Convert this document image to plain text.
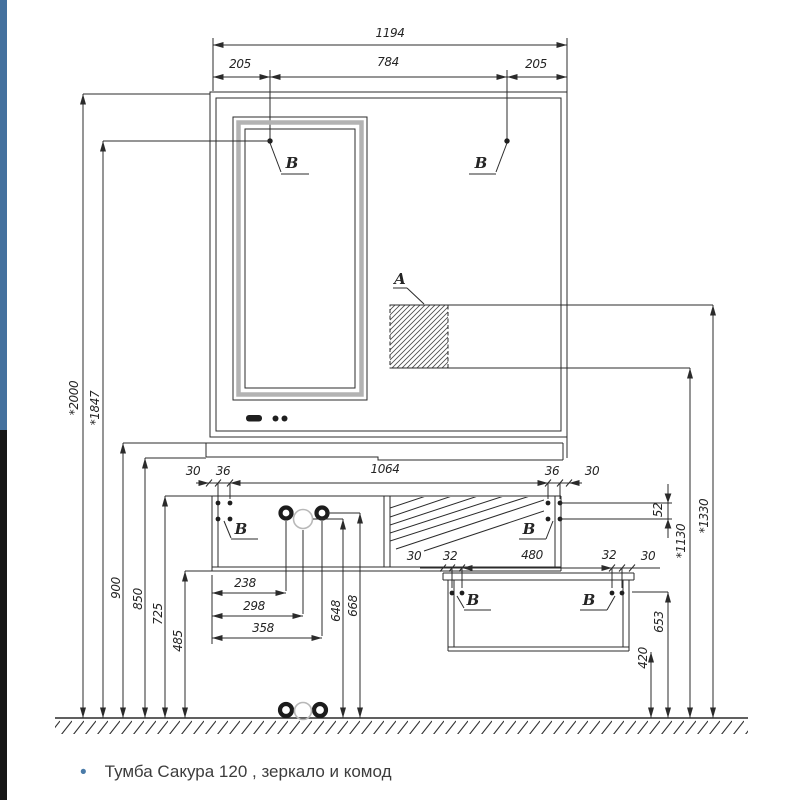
1194
205	784	205
*2000 *1847
900
850
725
485
30 36	1064	36 30
238
298
358
648 668
52
*1130
*1330
30 32	480	32 30
653
420
А
В	В
В	В
В	В
• Тумба Сакура 120 , зеркало и комод
